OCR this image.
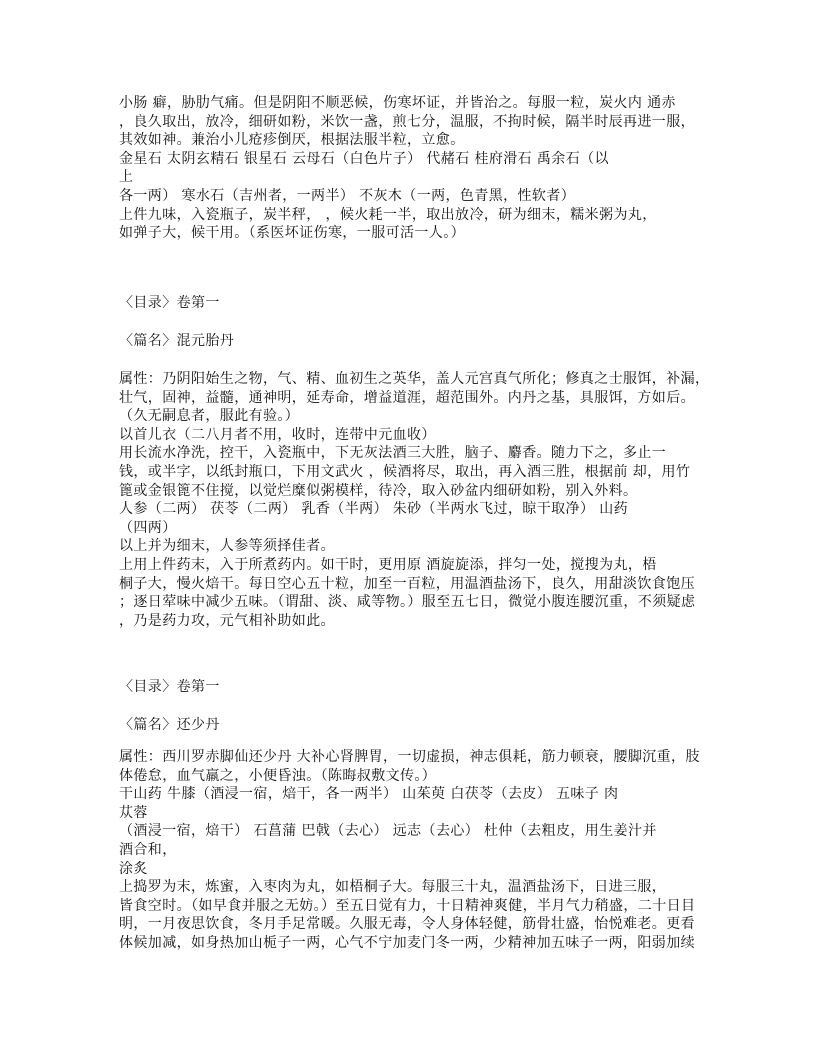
小肠 癖，胁肋气痛。但是阴阳不顺恶候，伤寒坏证，并皆治之。每服一粒，炭火内 通赤
，良久取出，放冷，细研如粉，米饮一盏，煎七分，温服，不拘时候，隔半时辰再进一服，
其效如神。兼治小儿疮疹倒厌，根据法服半粒，立愈。
金星石 太阴玄精石 银星石 云母石（白色片子） 代赭石 桂府滑石 禹余石（以
上
各一两） 寒水石（吉州者，一两半） 不灰木（一两，色青黑，性软者）
上件九味，入瓷瓶子，炭半秤， ，候火耗一半，取出放冷，研为细末，糯米粥为丸，
如弹子大，候干用。（系医坏证伤寒，一服可活一人。）
〈目录〉卷第一
〈篇名〉混元胎丹
属性：乃阴阳始生之物，气、精、血初生之英华，盖人元宫真气所化；修真之士服饵，补漏，
壮气，固神，益髓，通神明，延寿命，增益道涯，超范围外。内丹之基，具服饵，方如后。
（久无嗣息者，服此有验。）
以首儿衣（二八月者不用，收时，连带中元血收）
用长流水净洗，控干，入瓷瓶中，下无灰法酒三大胜，脑子、麝香。随力下之，多止一
钱，或半字，以纸封瓶口，下用文武火 ，候酒将尽，取出，再入酒三胜，根据前 却，用竹
篦或金银篦不住搅，以觉烂糜似粥模样，待冷，取入砂盆内细研如粉，别入外料。
人参（二两） 茯苓（二两） 乳香（半两） 朱砂（半两水飞过，晾干取净） 山药
（四两）
以上并为细末，人参等须择佳者。
上用上件药末，入于所煮药内。如干时，更用原 酒旋旋添，拌匀一处，搅搜为丸，梧
桐子大，慢火焙干。每日空心五十粒，加至一百粒，用温酒盐汤下，良久，用甜淡饮食饱压
；逐日荤味中减少五味。（谓甜、淡、咸等物。）服至五七日，微觉小腹连腰沉重，不须疑虑
，乃是药力攻，元气相补助如此。
〈目录〉卷第一
〈篇名〉还少丹
属性：西川罗赤脚仙还少丹 大补心肾脾胃，一切虚损，神志俱耗，筋力顿衰，腰脚沉重，肢
体倦怠，血气羸之，小便昏浊。（陈晦叔敷文传。）
干山药 牛膝（酒浸一宿，焙干，各一两半） 山茱萸 白茯苓（去皮） 五味子 肉
苁蓉
（酒浸一宿，焙干） 石菖蒲 巴戟（去心） 远志（去心） 杜仲（去粗皮，用生姜汁并
酒合和，
涂炙
上捣罗为末，炼蜜，入枣肉为丸，如梧桐子大。每服三十丸，温酒盐汤下，日进三服，
皆食空时。（如早食并服之无妨。）至五日觉有力，十日精神爽健，半月气力稍盛，二十日目
明，一月夜思饮食，冬月手足常暖。久服无毒，令人身体轻健，筋骨壮盛，怡悦难老。更看
体候加减，如身热加山栀子一两，心气不宁加麦门冬一两，少精神加五味子一两，阳弱加续
